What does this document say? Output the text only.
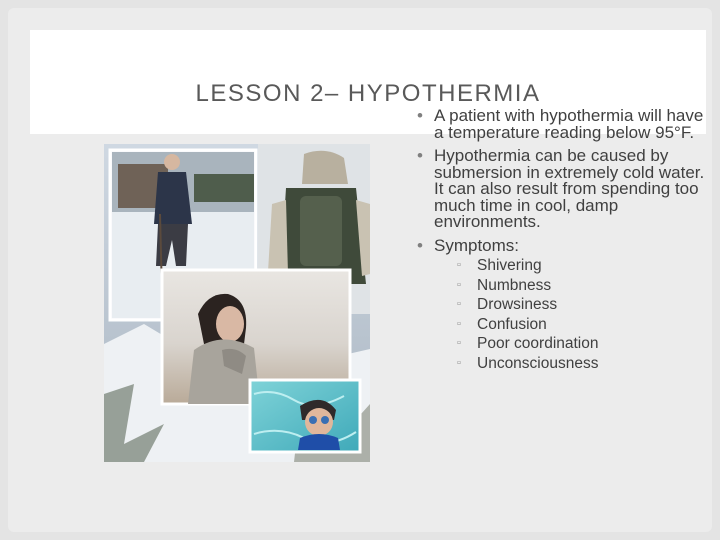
LESSON 2– HYPOTHERMIA
• A patient with hypothermia will have a temperature reading below 95°F.
• Hypothermia can be caused by submersion in extremely cold water. It can also result from spending too much time in cool, damp environments.
• Symptoms:
▫ Shivering
▫ Numbness
▫ Drowsiness
▫ Confusion
▫ Poor coordination
▫ Unconsciousness
